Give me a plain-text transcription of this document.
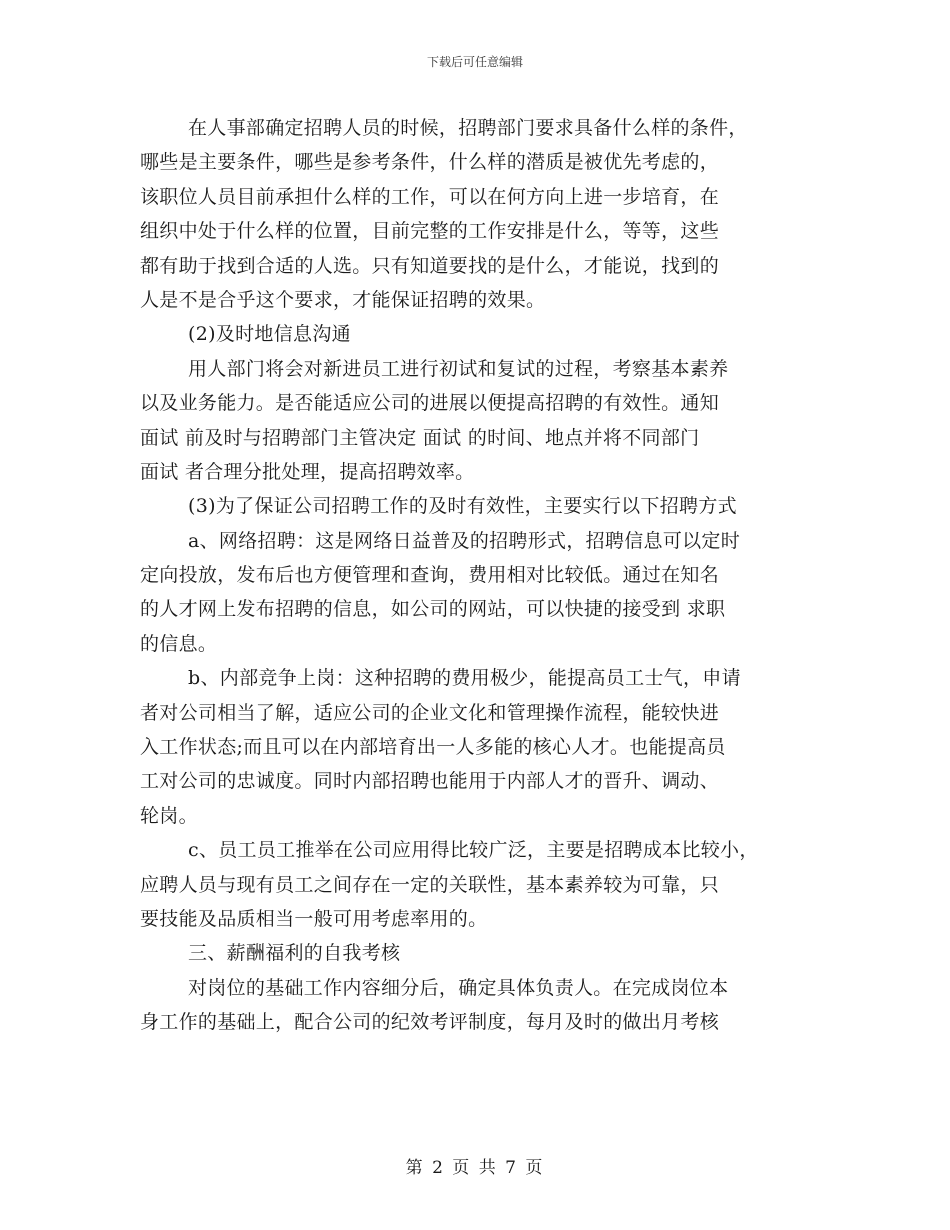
下载后可任意编辑
在人事部确定招聘人员的时候，招聘部门要求具备什么样的条件，
哪些是主要条件，哪些是参考条件，什么样的潜质是被优先考虑的，
该职位人员目前承担什么样的工作，可以在何方向上进一步培育，在
组织中处于什么样的位置，目前完整的工作安排是什么，等等，这些
都有助于找到合适的人选。只有知道要找的是什么，才能说，找到的
人是不是合乎这个要求，才能保证招聘的效果。
(2)及时地信息沟通
用人部门将会对新进员工进行初试和复试的过程，考察基本素养
以及业务能力。是否能适应公司的进展以便提高招聘的有效性。通知
面试 前及时与招聘部门主管决定 面试 的时间、地点并将不同部门
面试 者合理分批处理，提高招聘效率。
(3)为了保证公司招聘工作的及时有效性，主要实行以下招聘方式
a、网络招聘：这是网络日益普及的招聘形式，招聘信息可以定时
定向投放，发布后也方便管理和查询，费用相对比较低。通过在知名
的人才网上发布招聘的信息，如公司的网站，可以快捷的接受到 求职
的信息。
b、内部竞争上岗：这种招聘的费用极少，能提高员工士气，申请
者对公司相当了解，适应公司的企业文化和管理操作流程，能较快进
入工作状态;而且可以在内部培育出一人多能的核心人才。也能提高员
工对公司的忠诚度。同时内部招聘也能用于内部人才的晋升、调动、
轮岗。
c、员工员工推举在公司应用得比较广泛，主要是招聘成本比较小，
应聘人员与现有员工之间存在一定的关联性，基本素养较为可靠，只
要技能及品质相当一般可用考虑率用的。
三、薪酬福利的自我考核
对岗位的基础工作内容细分后，确定具体负责人。在完成岗位本
身工作的基础上，配合公司的纪效考评制度，每月及时的做出月考核
第 2 页 共 7 页
